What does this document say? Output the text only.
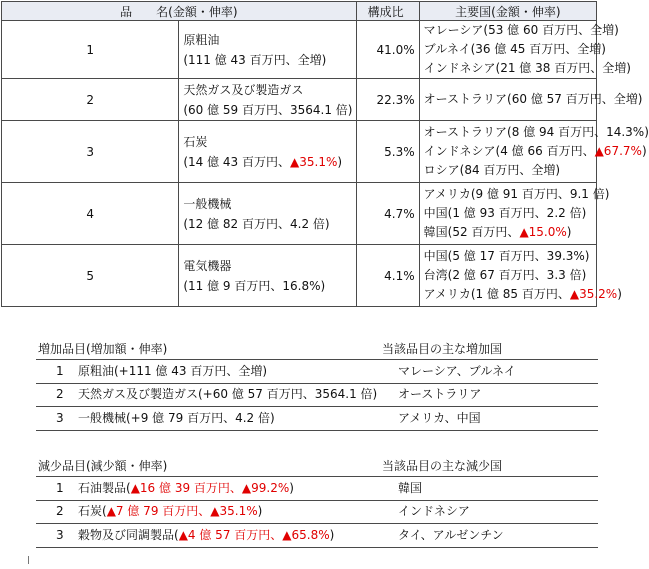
品　　名(金額・伸率)		構成比	主要国(金額・伸率)
1	原粗油
(111 億 43 百万円、全増)	41.0%	マレーシア(53 億 60 百万円、全増)
ブルネイ(36 億 45 百万円、全増)
インドネシア(21 億 38 百万円、全増)

2	天然ガス及び製造ガス
(60 億 59 百万円、3564.1 倍)	22.3%	オーストラリア(60 億 57 百万円、全増)

3	石炭
(14 億 43 百万円、▲35.1%)	5.3%	オーストラリア(8 億 94 百万円、14.3%)
インドネシア(4 億 66 百万円、▲67.7%)
ロシア(84 百万円、全増)

4	一般機械
(12 億 82 百万円、4.2 倍)	4.7%	アメリカ(9 億 91 百万円、9.1 倍)
中国(1 億 93 百万円、2.2 倍)
韓国(52 百万円、▲15.0%)

5	電気機器
(11 億 9 百万円、16.8%)	4.1%	中国(5 億 17 百万円、39.3%)
台湾(2 億 67 百万円、3.3 倍)
アメリカ(1 億 85 百万円、▲35.2%)
増加品目(増加額・伸率)	当該品目の主な増加国
1 原粗油(+111 億 43 百万円、全増)	マレーシア、ブルネイ
2 天然ガス及び製造ガス(+60 億 57 百万円、3564.1 倍) オーストラリア
3 一般機械(+9 億 79 百万円、4.2 倍)	アメリカ、中国
減少品目(減少額・伸率)	当該品目の主な減少国
1 石油製品(▲16 億 39 百万円、▲99.2%)	韓国
2 石炭(▲7 億 79 百万円、▲35.1%)	インドネシア
3 穀物及び同調製品(▲4 億 57 百万円、▲65.8%)	タイ、アルゼンチン
